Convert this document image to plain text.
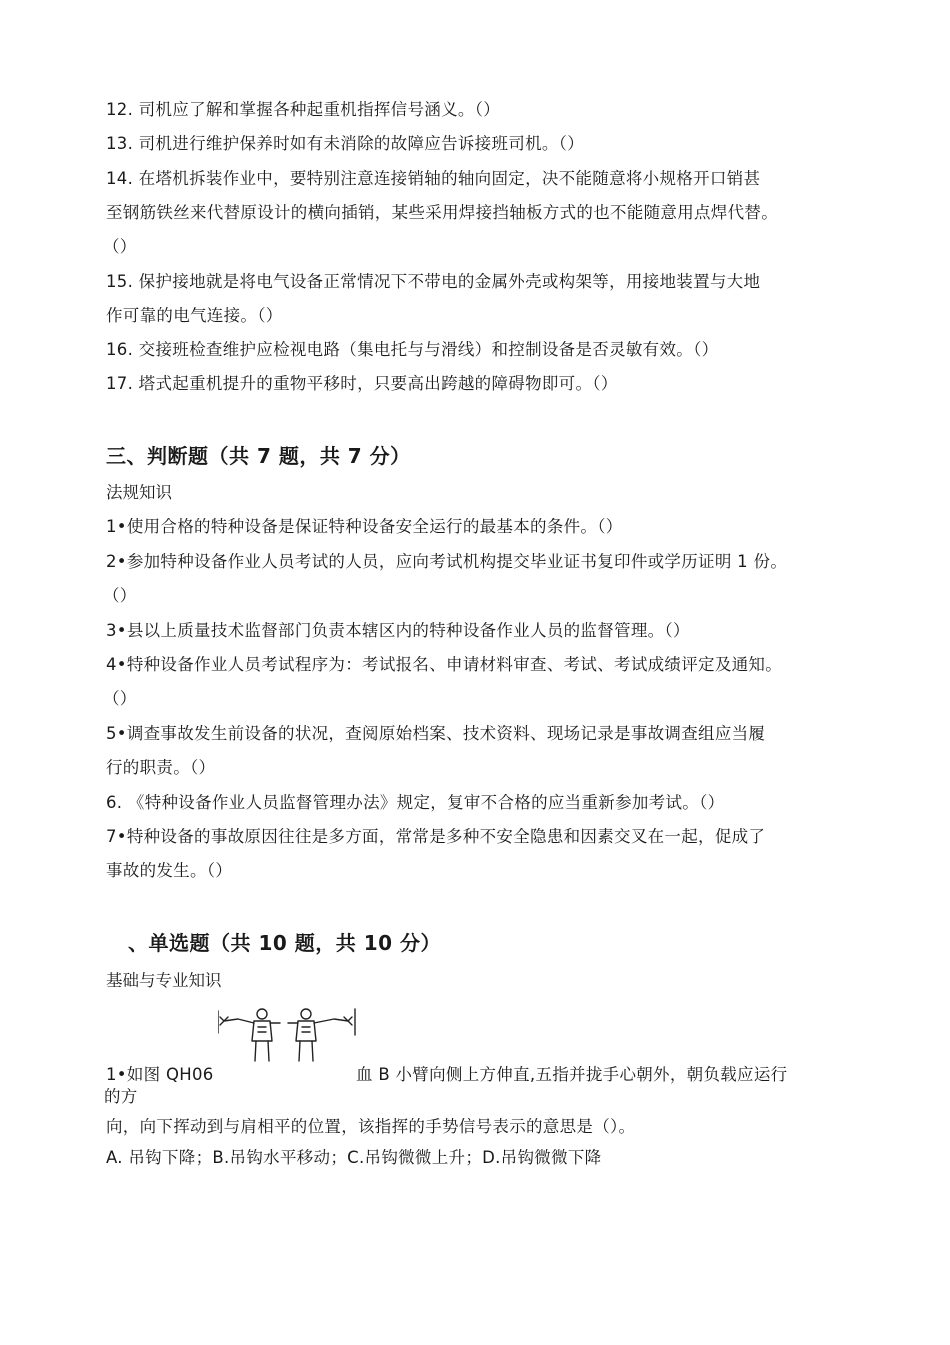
12. 司机应了解和掌握各种起重机指挥信号涵义。（）
13. 司机进行维护保养时如有未消除的故障应告诉接班司机。（）
14. 在塔机拆装作业中，要特别注意连接销轴的轴向固定，决不能随意将小规格开口销甚
至钢筋铁丝来代替原设计的横向插销，某些采用焊接挡轴板方式的也不能随意用点焊代替。
（）
15. 保护接地就是将电气设备正常情况下不带电的金属外壳或构架等，用接地装置与大地
作可靠的电气连接。（）
16. 交接班检查维护应检视电路（集电托与与滑线）和控制设备是否灵敏有效。（）
17. 塔式起重机提升的重物平移时，只要高出跨越的障碍物即可。（）
三、判断题（共 7 题，共 7 分）
法规知识
1•使用合格的特种设备是保证特种设备安全运行的最基本的条件。（）
2•参加特种设备作业人员考试的人员，应向考试机构提交毕业证书复印件或学历证明 1 份。
（）
3•县以上质量技术监督部门负责本辖区内的特种设备作业人员的监督管理。（）
4•特种设备作业人员考试程序为：考试报名、申请材料审查、考试、考试成绩评定及通知。
（）
5•调查事故发生前设备的状况，查阅原始档案、技术资料、现场记录是事故调查组应当履
行的职责。（）
6. 《特种设备作业人员监督管理办法》规定，复审不合格的应当重新参加考试。（）
7•特种设备的事故原因往往是多方面，常常是多种不安全隐患和因素交叉在一起，促成了
事故的发生。（）
、单选题（共 10 题，共 10 分）
基础与专业知识
1•如图 QH06	血 B 小臂向侧上方伸直,五指并拢手心朝外，朝负载应运行
的方
向，向下挥动到与肩相平的位置，该指挥的手势信号表示的意思是（）。
A. 吊钩下降；B.吊钩水平移动；C.吊钩微微上升；D.吊钩微微下降
